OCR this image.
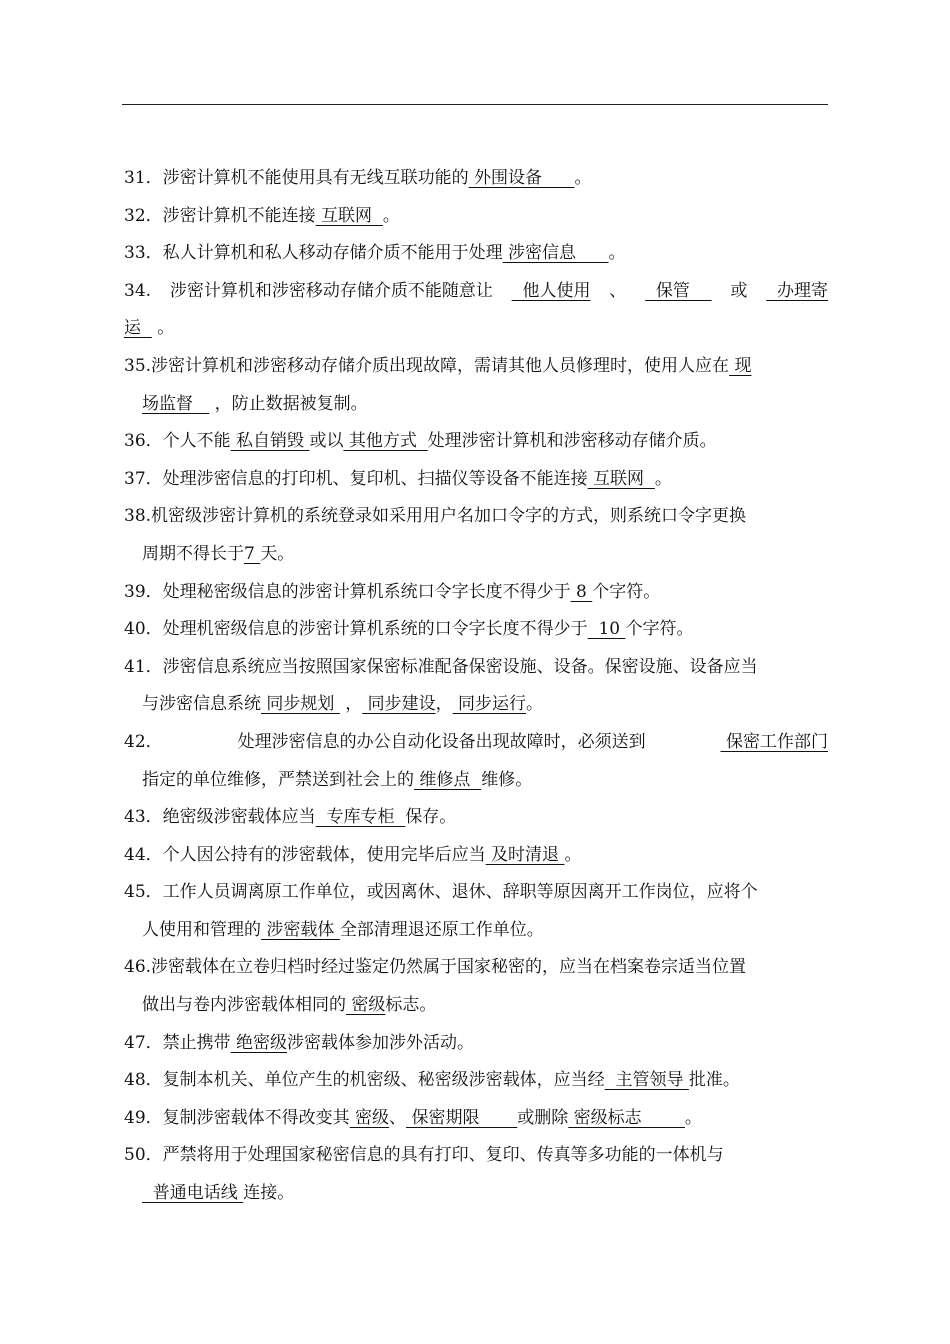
31．涉密计算机不能使用具有无线互联功能的 外围设备      。

32．涉密计算机不能连接 互联网  。

33．私人计算机和私人移动存储介质不能用于处理 涉密信息      。

34. 涉密计算机和涉密移动存储介质不能随意让 他人使用 、 保管 或 办理寄

运   。

35.涉密计算机和涉密移动存储介质出现故障，需请其他人员修理时，使用人应在 现

场监督    ，防止数据被复制。

36．个人不能 私自销毁 或以 其他方式  处理涉密计算机和涉密移动存储介质。

37．处理涉密信息的打印机、复印机、扫描仪等设备不能连接 互联网  。

38.机密级涉密计算机的系统登录如采用用户名加口令字的方式，则系统口令字更换

周期不得长于7 天。

39．处理秘密级信息的涉密计算机系统口令字长度不得少于 8 个字符。

40．处理机密级信息的涉密计算机系统的口令字长度不得少于  10 个字符。

41．涉密信息系统应当按照国家保密标准配备保密设施、设备。保密设施、设备应当

与涉密信息系统 同步规划  ， 同步建设， 同步运行。

42．	处理涉密信息的办公自动化设备出现故障时，必须送到	保密工作部门

指定的单位维修，严禁送到社会上的 维修点  维修。

43．绝密级涉密载体应当  专库专柜  保存。

44．个人因公持有的涉密载体，使用完毕后应当 及时清退 。

45．工作人员调离原工作单位，或因离休、退休、辞职等原因离开工作岗位，应将个

人使用和管理的 涉密载体 全部清理退还原工作单位。

46.涉密载体在立卷归档时经过鉴定仍然属于国家秘密的，应当在档案卷宗适当位置

做出与卷内涉密载体相同的 密级标志。

47．禁止携带 绝密级涉密载体参加涉外活动。

48．复制本机关、单位产生的机密级、秘密级涉密载体，应当经  主管领导 批准。

49．复制涉密载体不得改变其 密级、 保密期限       或删除 密级标志        。

50．严禁将用于处理国家秘密信息的具有打印、复印、传真等多功能的一体机与

普通电话线 连接。
